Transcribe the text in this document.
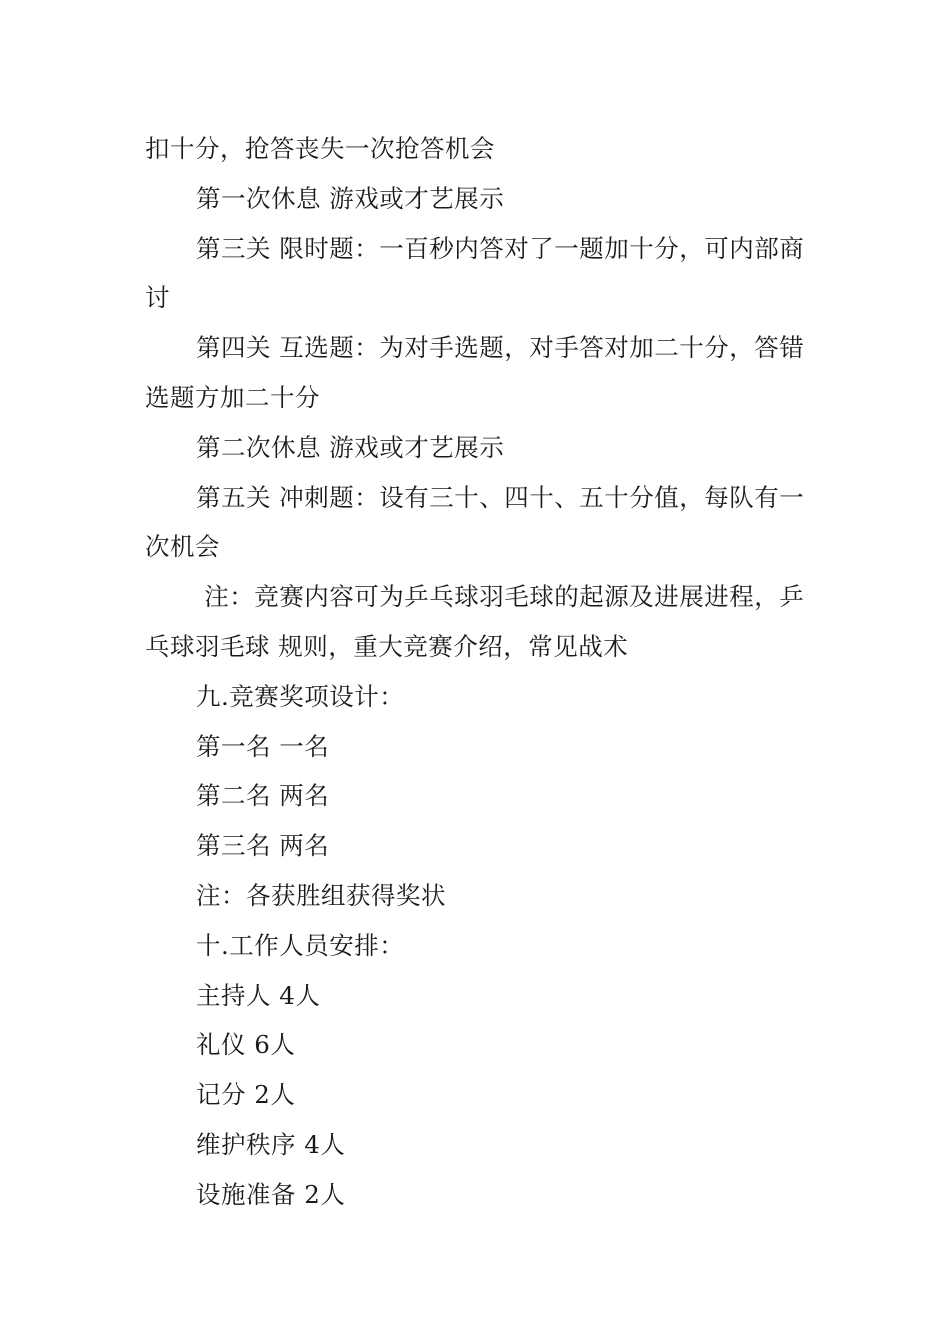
扣十分，抢答丧失一次抢答机会

第一次休息 游戏或才艺展示

第三关 限时题：一百秒内答对了一题加十分，可内部商讨

第四关 互选题：为对手选题，对手答对加二十分，答错选题方加二十分

第二次休息 游戏或才艺展示

第五关 冲刺题：设有三十、四十、五十分值，每队有一次机会

注：竞赛内容可为乒乓球羽毛球的起源及进展进程，乒乓球羽毛球 规则，重大竞赛介绍，常见战术

九.竞赛奖项设计：

第一名 一名

第二名 两名

第三名 两名

注：各获胜组获得奖状

十.工作人员安排：

主持人 4人

礼仪 6人

记分 2人

维护秩序 4人

设施准备 2人
